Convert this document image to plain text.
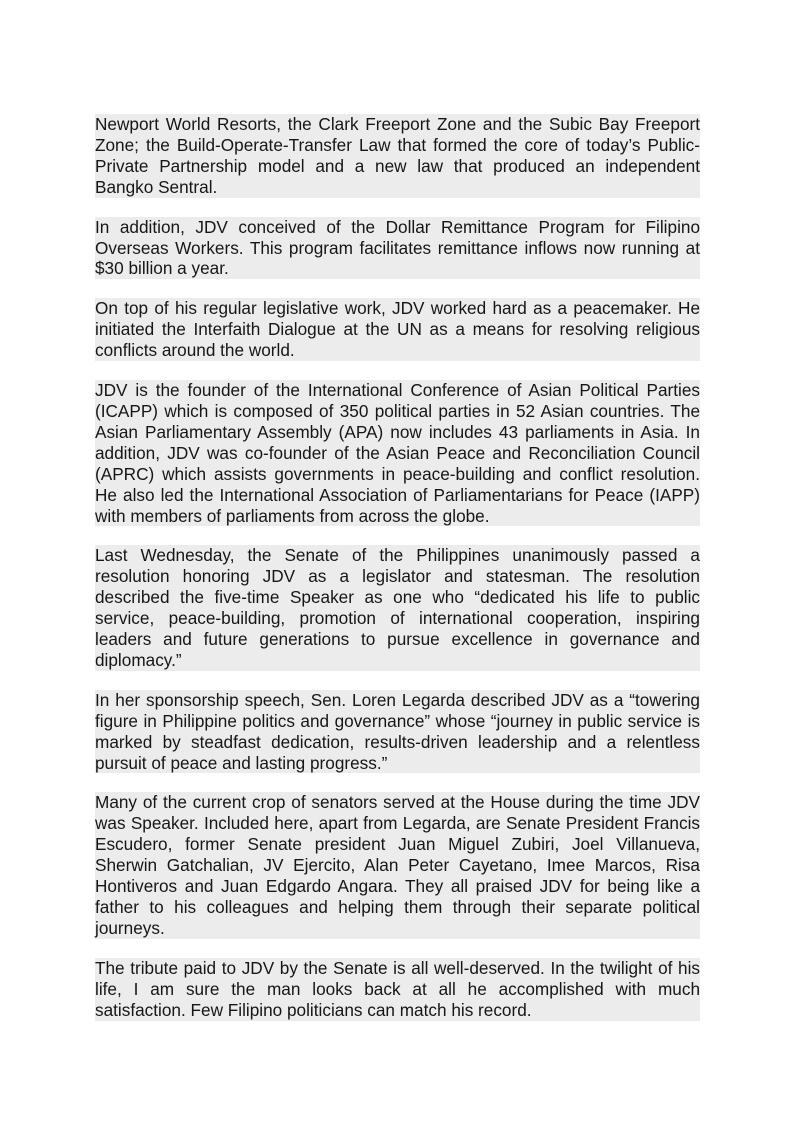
Newport World Resorts, the Clark Freeport Zone and the Subic Bay Freeport Zone; the Build-Operate-Transfer Law that formed the core of today’s Public-Private Partnership model and a new law that produced an independent Bangko Sentral.

In addition, JDV conceived of the Dollar Remittance Program for Filipino Overseas Workers. This program facilitates remittance inflows now running at $30 billion a year.

On top of his regular legislative work, JDV worked hard as a peacemaker. He initiated the Interfaith Dialogue at the UN as a means for resolving religious conflicts around the world.

JDV is the founder of the International Conference of Asian Political Parties (ICAPP) which is composed of 350 political parties in 52 Asian countries. The Asian Parliamentary Assembly (APA) now includes 43 parliaments in Asia. In addition, JDV was co-founder of the Asian Peace and Reconciliation Council (APRC) which assists governments in peace-building and conflict resolution. He also led the International Association of Parliamentarians for Peace (IAPP) with members of parliaments from across the globe.

Last Wednesday, the Senate of the Philippines unanimously passed a resolution honoring JDV as a legislator and statesman. The resolution described the five-time Speaker as one who “dedicated his life to public service, peace-building, promotion of international cooperation, inspiring leaders and future generations to pursue excellence in governance and diplomacy.”

In her sponsorship speech, Sen. Loren Legarda described JDV as a “towering figure in Philippine politics and governance” whose “journey in public service is marked by steadfast dedication, results-driven leadership and a relentless pursuit of peace and lasting progress.”

Many of the current crop of senators served at the House during the time JDV was Speaker. Included here, apart from Legarda, are Senate President Francis Escudero, former Senate president Juan Miguel Zubiri, Joel Villanueva, Sherwin Gatchalian, JV Ejercito, Alan Peter Cayetano, Imee Marcos, Risa Hontiveros and Juan Edgardo Angara. They all praised JDV for being like a father to his colleagues and helping them through their separate political journeys.

The tribute paid to JDV by the Senate is all well-deserved. In the twilight of his life, I am sure the man looks back at all he accomplished with much satisfaction. Few Filipino politicians can match his record.
